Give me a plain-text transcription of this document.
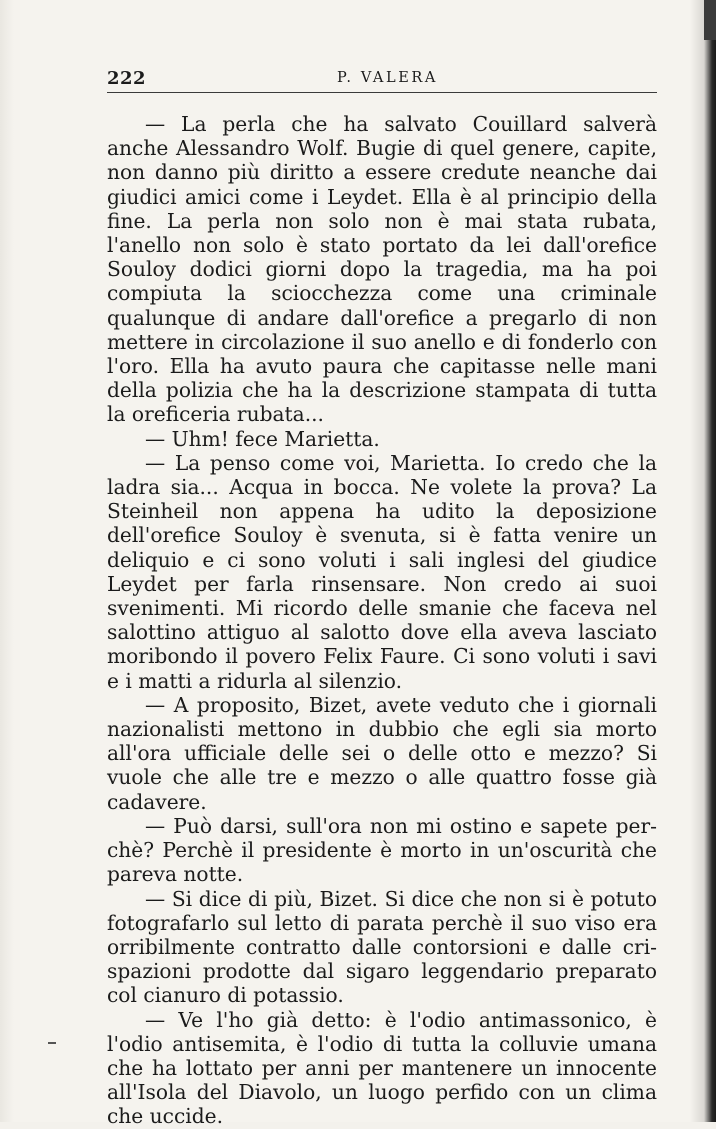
222	P. VALERA

— La perla che ha salvato Couillard salverà anche Alessandro Wolf. Bugie di quel genere, capite, non danno più diritto a essere credute neanche dai giudici amici come i Leydet. Ella è al principio della fine. La perla non solo non è mai stata rubata, l'anello non solo è stato portato da lei dall'orefice Souloy dodici giorni dopo la tragedia, ma ha poi compiuta la sciocchezza come una criminale qualunque di andare dall'orefice a pregarlo di non mettere in circolazione il suo anello e di fonderlo con l'oro. Ella ha avuto paura che capitasse nelle mani della polizia che ha la descrizione stampata di tutta la oreficeria rubata...

— Uhm! fece Marietta.

— La penso come voi, Marietta. Io credo che la ladra sia... Acqua in bocca. Ne volete la prova? La Steinheil non appena ha udito la deposizione dell'orefice Souloy è svenuta, si è fatta venire un deliquio e ci sono voluti i sali inglesi del giudice Leydet per farla rinsensare. Non credo ai suoi svenimenti. Mi ricordo delle smanie che faceva nel salottino attiguo al salotto dove ella aveva lasciato moribondo il povero Felix Faure. Ci sono voluti i savi e i matti a ridurla al silenzio.

— A proposito, Bizet, avete veduto che i giornali nazionalisti mettono in dubbio che egli sia morto all'ora ufficiale delle sei o delle otto e mezzo? Si vuole che alle tre e mezzo o alle quattro fosse già cadavere.

— Può darsi, sull'ora non mi ostino e sapete perchè? Perchè il presidente è morto in un'oscurità che pareva notte.

— Si dice di più, Bizet. Si dice che non si è potuto fotografarlo sul letto di parata perchè il suo viso era orribilmente contratto dalle contorsioni e dalle crispazioni prodotte dal sigaro leggendario preparato col cianuro di potassio.

— Ve l'ho già detto: è l'odio antimassonico, è l'odio antisemita, è l'odio di tutta la colluvie umana che ha lottato per anni per mantenere un innocente all'Isola del Diavolo, un luogo perfido con un clima che uccide.
